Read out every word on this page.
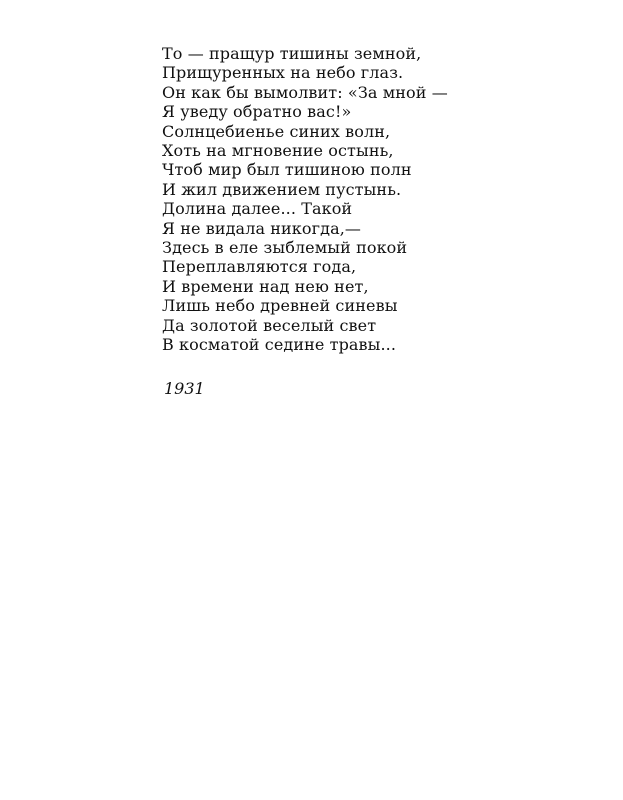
То — пращур тишины земной,
Прищуренных на небо глаз.
Он как бы вымолвит: «За мной —
Я уведу обратно вас!»
Солнцебиенье синих волн,
Хоть на мгновение остынь,
Чтоб мир был тишиною полн
И жил движением пустынь.
Долина далее... Такой
Я не видала никогда,—
Здесь в еле зыблемый покой
Переплавляются года,
И времени над нею нет,
Лишь небо древней синевы
Да золотой веселый свет
В косматой седине травы...
1931
